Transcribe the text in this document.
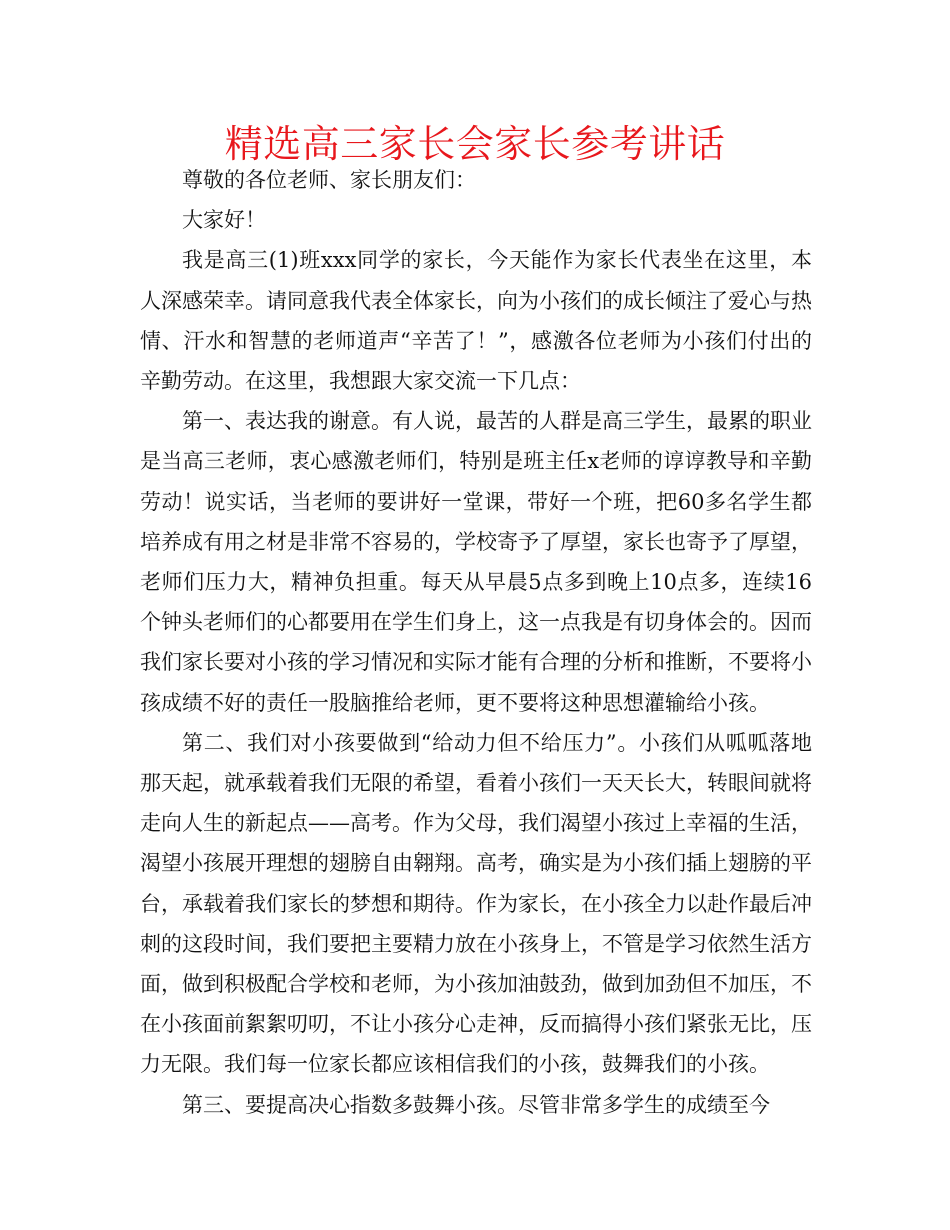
精选高三家长会家长参考讲话

尊敬的各位老师、家长朋友们：

大家好！

我是高三(1)班xxx同学的家长，今天能作为家长代表坐在这里，本人深感荣幸。请同意我代表全体家长，向为小孩们的成长倾注了爱心与热情、汗水和智慧的老师道声“辛苦了！”，感激各位老师为小孩们付出的辛勤劳动。在这里，我想跟大家交流一下几点：

第一、表达我的谢意。有人说，最苦的人群是高三学生，最累的职业是当高三老师，衷心感激老师们，特别是班主任x老师的谆谆教导和辛勤劳动！说实话，当老师的要讲好一堂课，带好一个班，把60多名学生都培养成有用之材是非常不容易的，学校寄予了厚望，家长也寄予了厚望，老师们压力大，精神负担重。每天从早晨5点多到晚上10点多，连续16个钟头老师们的心都要用在学生们身上，这一点我是有切身体会的。因而我们家长要对小孩的学习情况和实际才能有合理的分析和推断，不要将小孩成绩不好的责任一股脑推给老师，更不要将这种思想灌输给小孩。

第二、我们对小孩要做到“给动力但不给压力”。小孩们从呱呱落地那天起，就承载着我们无限的希望，看着小孩们一天天长大，转眼间就将走向人生的新起点——高考。作为父母，我们渴望小孩过上幸福的生活，渴望小孩展开理想的翅膀自由翱翔。高考，确实是为小孩们插上翅膀的平台，承载着我们家长的梦想和期待。作为家长，在小孩全力以赴作最后冲刺的这段时间，我们要把主要精力放在小孩身上，不管是学习依然生活方面，做到积极配合学校和老师，为小孩加油鼓劲，做到加劲但不加压，不在小孩面前絮絮叨叨，不让小孩分心走神，反而搞得小孩们紧张无比，压力无限。我们每一位家长都应该相信我们的小孩，鼓舞我们的小孩。

第三、要提高决心指数多鼓舞小孩。尽管非常多学生的成绩至今
